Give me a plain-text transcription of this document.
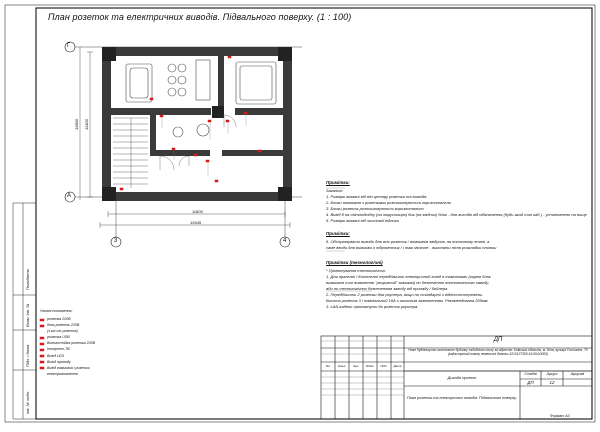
План розеток та електричних виводів. Підвального поверху. (1 : 100)
Г
А
3	4
11800
12645
11400
16800
Примітки:
Загальні:
1. Розміри вказані від вісі центру розетки та виводів.
2. Блоки вимикачів з розетками розташовуються горизонтально
3. Блоки розеток розташовуються горизонтально
4. Вивід 8 на свiтлодіодну (на інкрустацію) бок (на звідних) блок - для виходів від пiдключення (будь-який тип каб.) - установлено на вище
5. Розміри вказані від чистової підлоги
Примітки:
6. Обслуговувати виводи для всіх розеток / вимикачів звідусіль на поточному етапі, а
саме вводи для вимикачі є підрозетник / і такі місячне - виконати після розкладки плитки
Примітки (технологічні)
* Проектування технологічних:
1. Для пральної / Котельної передбачити електричний вивід в тампонами (окрем блок
вимикачів тип вимкнення "розривний" вимикач) по безпеченню технологічного заводу,
або по технологічних безпеченням заводу від приладу / бойлера
2. Передбачити 2 розетки для роутера, якщо по стандарті з відеоспостережень.
Висота розеток 3 і номінальний 16А з захисним заземленням. Рекомендована 200мм
3. LAN-кабель протягнути до розеток роутера.
Умовні позначення:
розетка 220В
блок розеток 220В
(з кіл-ть розеток)
розетка USB
Вологостійка розетка 220В
Інтернет-ТВ
Вивід LED
Вивід проводу
Вивід вимикача і розетки
електроживлення
Погоджено
Взам. інв. №
Підп. і дата
Інв. № подл.
ДП
Нове будівництво житлового будинку садибного типу за адресою: Київська область, м. Біла, вулиця Гостинна, 70 (кадастровий номер земельної ділянки 3210137300:16:004:0005)
Дизайн проект
Стадія	Аркуш	Аркушів
ДП	12
План розеток та електричних виводів. Підвального поверху.
Формат А3
Зм.	Кільк.	Арк.	№док.	Підп.	Дата
